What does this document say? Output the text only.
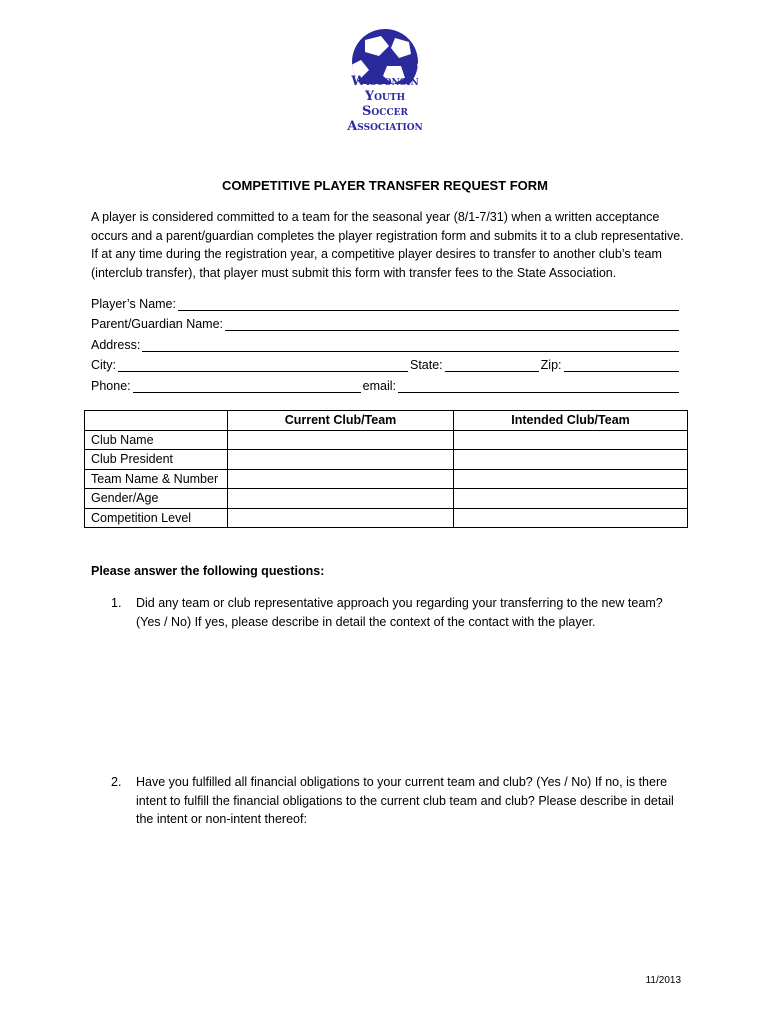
Wisconsin
Youth
Soccer
Association
COMPETITIVE PLAYER TRANSFER REQUEST FORM
A player is considered committed to a team for the seasonal year (8/1-7/31) when a written acceptance occurs and a parent/guardian completes the player registration form and submits it to a club representative. If at any time during the registration year, a competitive player desires to transfer to another club’s team (interclub transfer), that player must submit this form with transfer fees to the State Association.
Player’s Name:
Parent/Guardian Name:
Address:
City:	State:	Zip:
Phone:	email:
	Current Club/Team	Intended Club/Team
Club Name		
Club President		
Team Name & Number		
Gender/Age		
Competition Level		
Please answer the following questions:
1.	Did any team or club representative approach you regarding your transferring to the new team? (Yes / No) If yes, please describe in detail the context of the contact with the player.
2.	Have you fulfilled all financial obligations to your current team and club? (Yes / No) If no, is there intent to fulfill the financial obligations to the current club team and club? Please describe in detail the intent or non-intent thereof:
11/2013
